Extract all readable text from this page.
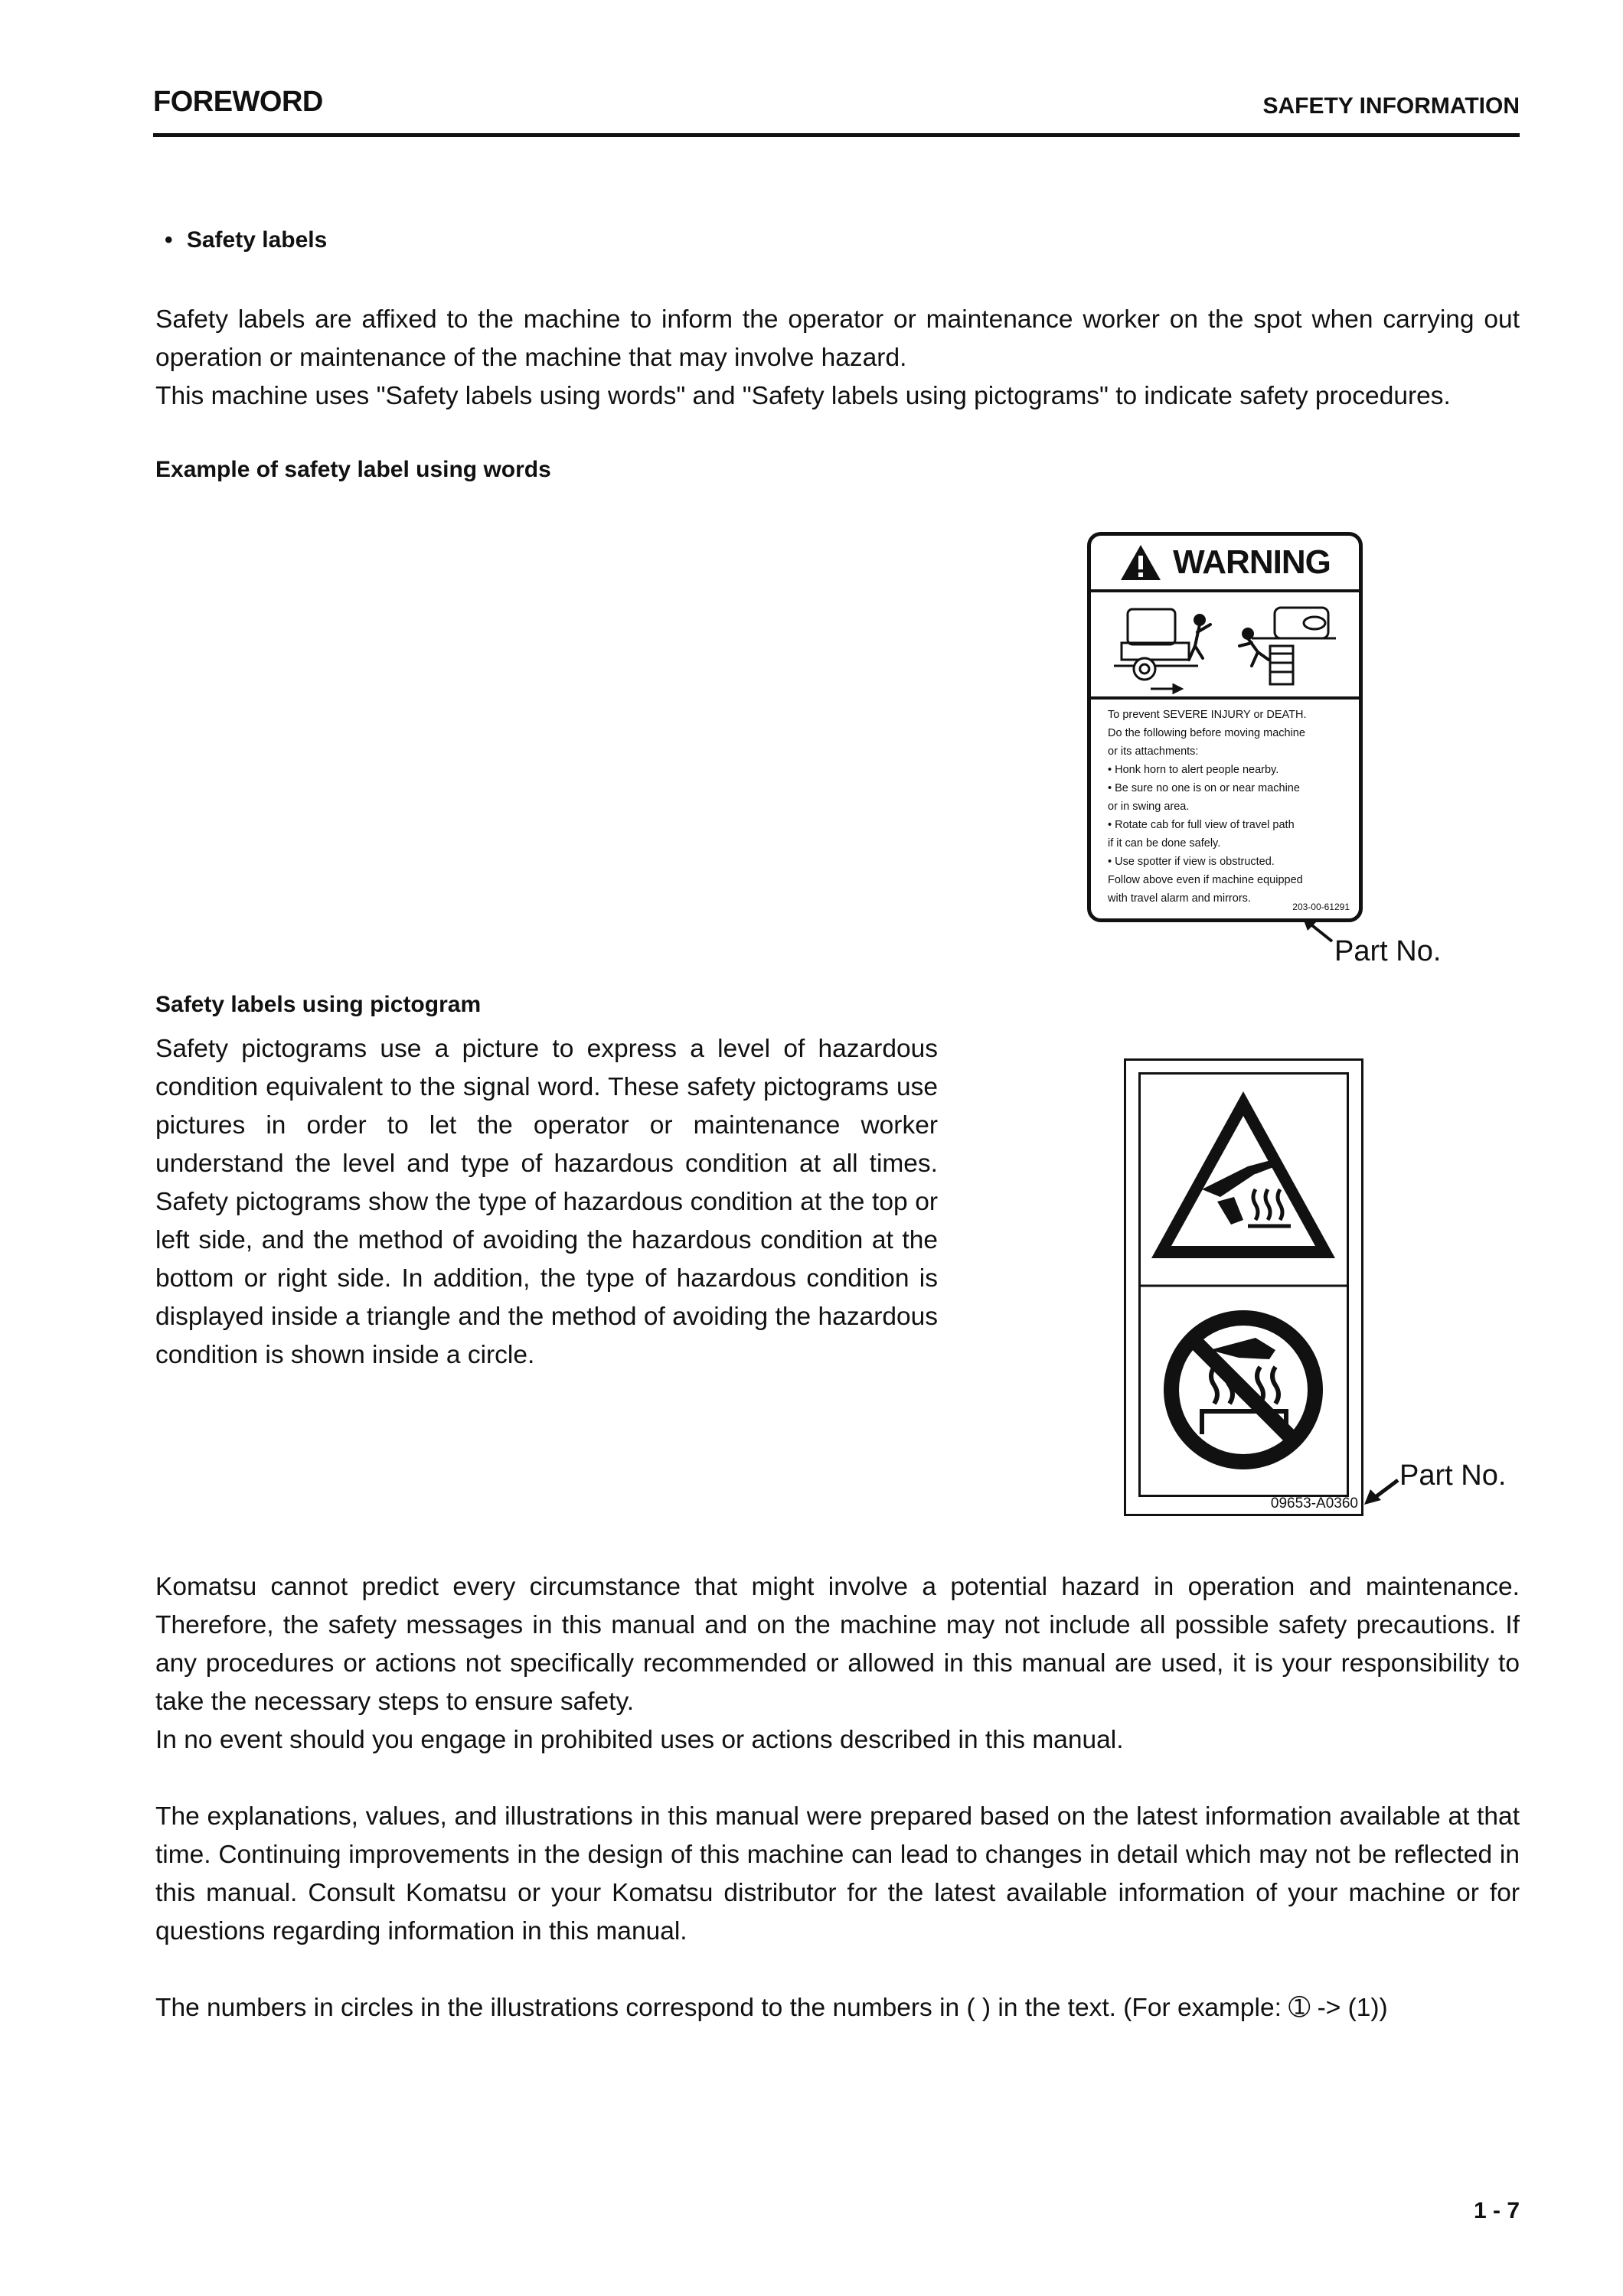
FOREWORD	SAFETY INFORMATION
• Safety labels

Safety labels are affixed to the machine to inform the operator or maintenance worker on the spot when carrying out operation or maintenance of the machine that may involve hazard.

This machine uses "Safety labels using words" and "Safety labels using pictograms" to indicate safety procedures.

Example of safety label using words
WARNING
To prevent SEVERE INJURY or DEATH.
Do the following before moving machine
or its attachments:
• Honk horn to alert people nearby.
• Be sure no one is on or near machine
or in swing area.
• Rotate cab for full view of travel path
if it can be done safely.
• Use spotter if view is obstructed.
Follow above even if machine equipped
with travel alarm and mirrors.
203-00-61291
Part No.
Safety labels using pictogram

Safety pictograms use a picture to express a level of hazardous condition equivalent to the signal word. These safety pictograms use pictures in order to let the operator or maintenance worker understand the level and type of hazardous condition at all times. Safety pictograms show the type of hazardous condition at the top or left side, and the method of avoiding the hazardous condition at the bottom or right side. In addition, the type of hazardous condition is displayed inside a triangle and the method of avoiding the hazardous condition is shown inside a circle.

09653-A0360
Part No.

Komatsu cannot predict every circumstance that might involve a potential hazard in operation and maintenance. Therefore, the safety messages in this manual and on the machine may not include all possible safety precautions. If any procedures or actions not specifically recommended or allowed in this manual are used, it is your responsibility to take the necessary steps to ensure safety.

In no event should you engage in prohibited uses or actions described in this manual.

The explanations, values, and illustrations in this manual were prepared based on the latest information available at that time. Continuing improvements in the design of this machine can lead to changes in detail which may not be reflected in this manual. Consult Komatsu or your Komatsu distributor for the latest available information of your machine or for questions regarding information in this manual.

The numbers in circles in the illustrations correspond to the numbers in ( ) in the text. (For example: ➀ -> (1))

1 - 7
